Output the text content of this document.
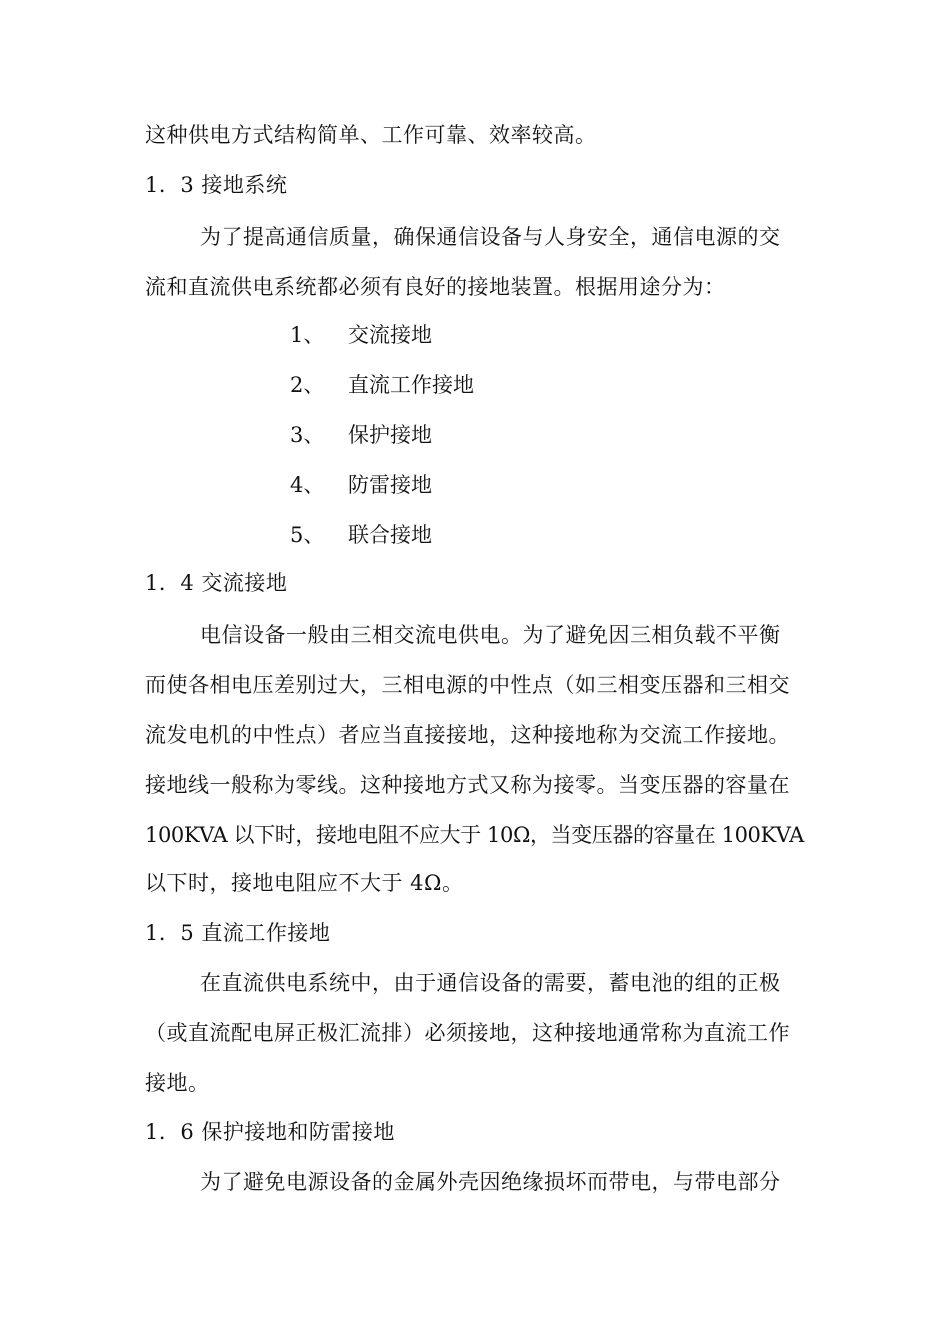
这种供电方式结构简单、工作可靠、效率较高。
1．3 接地系统
为了提高通信质量，确保通信设备与人身安全，通信电源的交
流和直流供电系统都必须有良好的接地装置。根据用途分为：
1、 交流接地
2、 直流工作接地
3、 保护接地
4、 防雷接地
5、 联合接地
1．4 交流接地
电信设备一般由三相交流电供电。为了避免因三相负载不平衡
而使各相电压差别过大，三相电源的中性点（如三相变压器和三相交
流发电机的中性点）者应当直接接地，这种接地称为交流工作接地。
接地线一般称为零线。这种接地方式又称为接零。当变压器的容量在
100KVA 以下时，接地电阻不应大于 10Ω，当变压器的容量在 100KVA
以下时，接地电阻应不大于 4Ω。
1．5 直流工作接地
在直流供电系统中，由于通信设备的需要，蓄电池的组的正极
（或直流配电屏正极汇流排）必须接地，这种接地通常称为直流工作
接地。
1．6 保护接地和防雷接地
为了避免电源设备的金属外壳因绝缘损坏而带电，与带电部分
